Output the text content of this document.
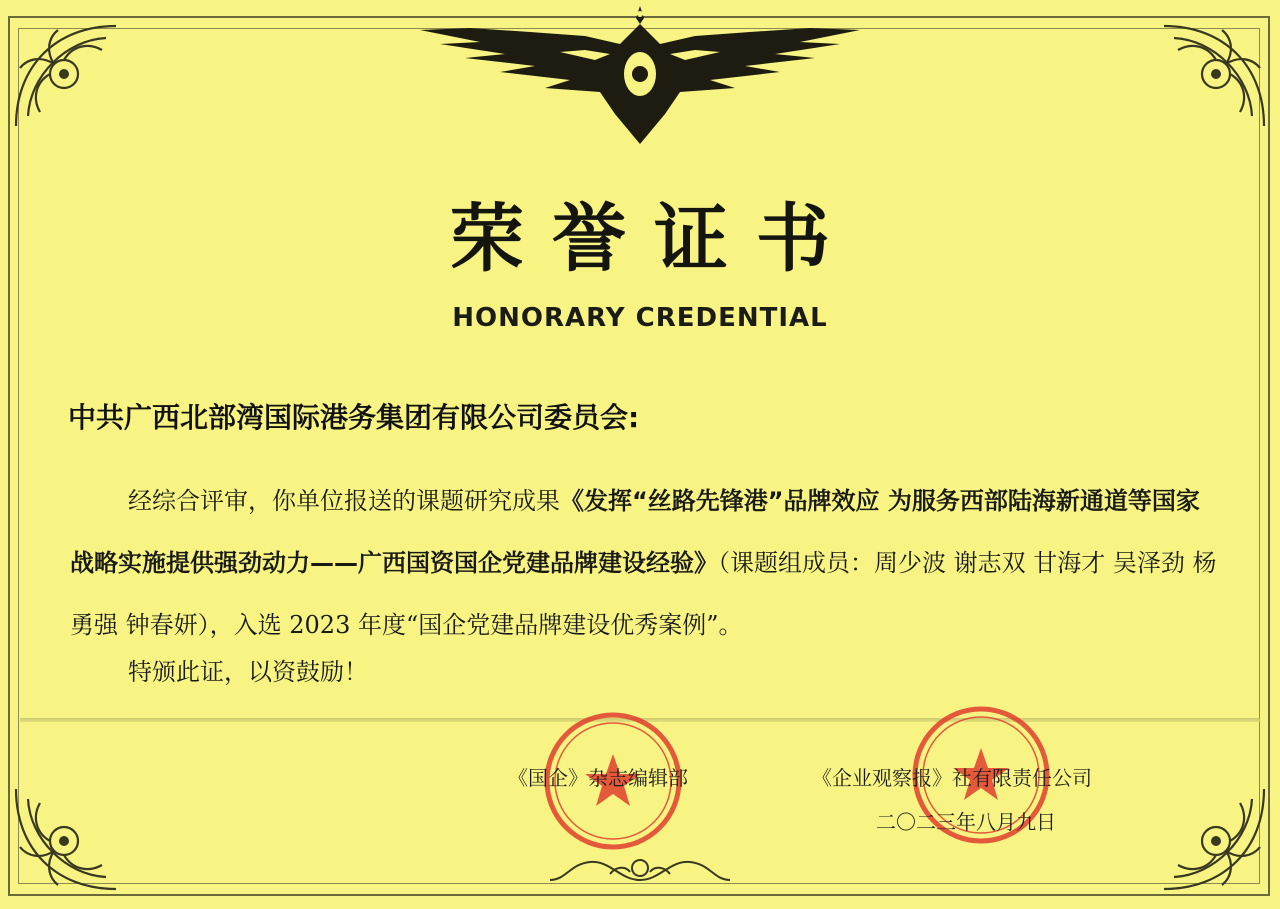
荣誉证书
HONORARY CREDENTIAL
中共广西北部湾国际港务集团有限公司委员会:
经综合评审，你单位报送的课题研究成果《发挥“丝路先锋港”品牌效应 为服务西部陆海新通道等国家战略实施提供强劲动力——广西国资国企党建品牌建设经验》（课题组成员：周少波 谢志双 甘海才 吴泽劲 杨勇强 钟春妍），入选 2023 年度“国企党建品牌建设优秀案例”。
特颁此证，以资鼓励！
《国企》杂志编辑部	《企业观察报》社有限责任公司
二〇二三年八月九日
